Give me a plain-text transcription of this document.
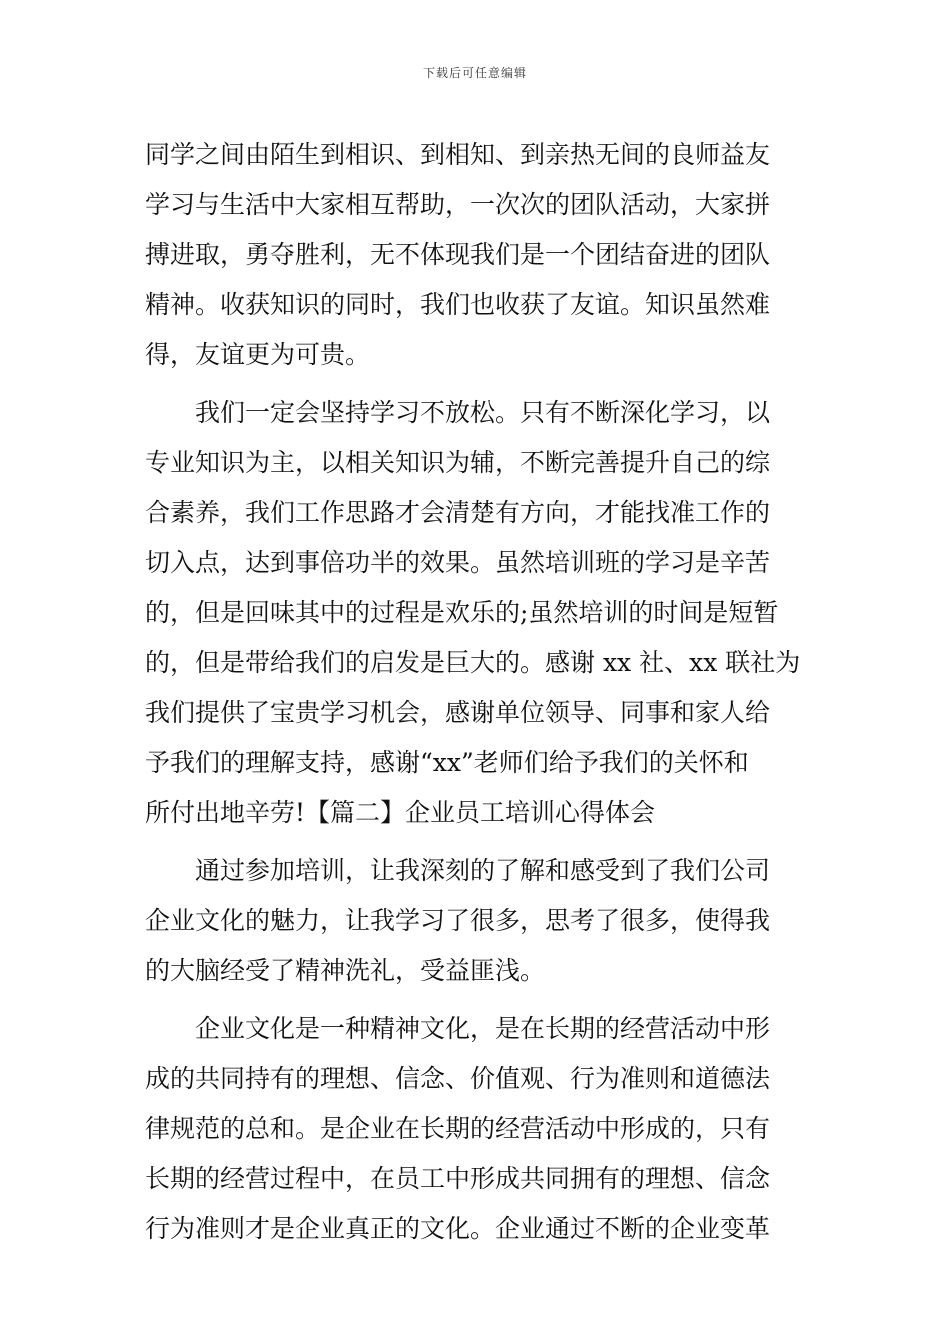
下载后可任意编辑
同学之间由陌生到相识、到相知、到亲热无间的良师益友
学习与生活中大家相互帮助，一次次的团队活动，大家拼
搏进取，勇夺胜利，无不体现我们是一个团结奋进的团队
精神。收获知识的同时，我们也收获了友谊。知识虽然难
得，友谊更为可贵。
　　我们一定会坚持学习不放松。只有不断深化学习，以
专业知识为主，以相关知识为辅，不断完善提升自己的综
合素养，我们工作思路才会清楚有方向，才能找准工作的
切入点，达到事倍功半的效果。虽然培训班的学习是辛苦
的，但是回味其中的过程是欢乐的;虽然培训的时间是短暂
的，但是带给我们的启发是巨大的。感谢 xx 社、xx 联社为
我们提供了宝贵学习机会，感谢单位领导、同事和家人给
予我们的理解支持，感谢“xx”老师们给予我们的关怀和
所付出地辛劳!【篇二】企业员工培训心得体会
　　通过参加培训，让我深刻的了解和感受到了我们公司
企业文化的魅力，让我学习了很多，思考了很多，使得我
的大脑经受了精神洗礼，受益匪浅。
　　企业文化是一种精神文化，是在长期的经营活动中形
成的共同持有的理想、信念、价值观、行为准则和道德法
律规范的总和。是企业在长期的经营活动中形成的，只有
长期的经营过程中，在员工中形成共同拥有的理想、信念
行为准则才是企业真正的文化。企业通过不断的企业变革
